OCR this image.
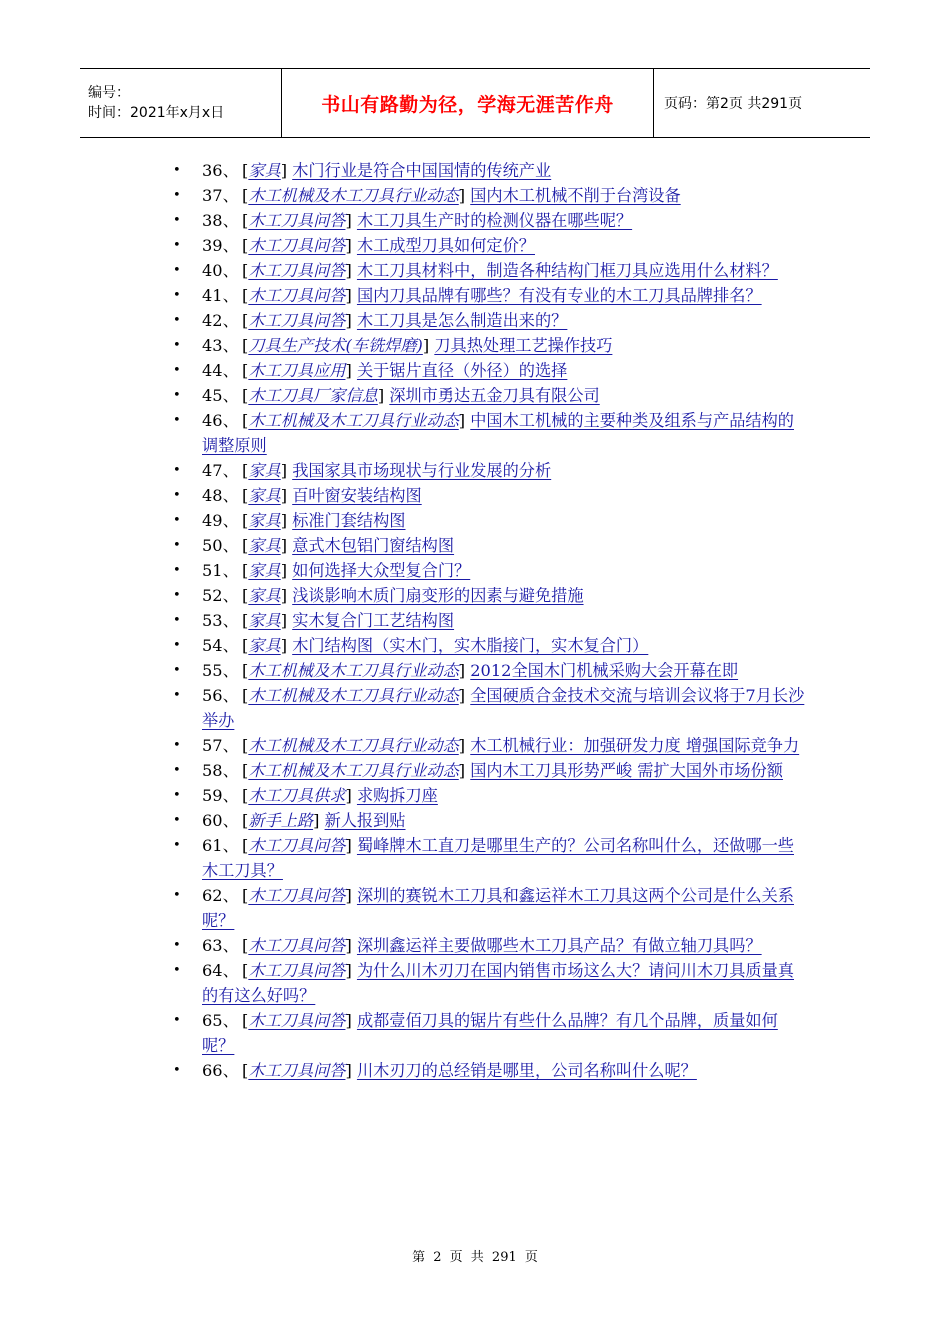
编号：
时间：2021年x月x日	书山有路勤为径，学海无涯苦作舟	页码：第2页 共291页
• 36、 [家具] 木门行业是符合中国国情的传统产业
• 37、 [木工机械及木工刀具行业动态] 国内木工机械不削于台湾设备
• 38、 [木工刀具问答] 木工刀具生产时的检测仪器在哪些呢？
• 39、 [木工刀具问答] 木工成型刀具如何定价？
• 40、 [木工刀具问答] 木工刀具材料中，制造各种结构门框刀具应选用什么材料？
• 41、 [木工刀具问答] 国内刀具品牌有哪些？有没有专业的木工刀具品牌排名？
• 42、 [木工刀具问答] 木工刀具是怎么制造出来的？
• 43、 [刀具生产技术(车铣焊磨)] 刀具热处理工艺操作技巧
• 44、 [木工刀具应用] 关于锯片直径（外径）的选择
• 45、 [木工刀具厂家信息] 深圳市勇达五金刀具有限公司
• 46、 [木工机械及木工刀具行业动态] 中国木工机械的主要种类及组系与产品结构的调整原则
• 47、 [家具] 我国家具市场现状与行业发展的分析
• 48、 [家具] 百叶窗安装结构图
• 49、 [家具] 标准门套结构图
• 50、 [家具] 意式木包铝门窗结构图
• 51、 [家具] 如何选择大众型复合门？
• 52、 [家具] 浅谈影响木质门扇变形的因素与避免措施
• 53、 [家具] 实木复合门工艺结构图
• 54、 [家具] 木门结构图（实木门，实木脂接门，实木复合门）
• 55、 [木工机械及木工刀具行业动态] 2012全国木门机械采购大会开幕在即
• 56、 [木工机械及木工刀具行业动态] 全国硬质合金技术交流与培训会议将于7月长沙举办
• 57、 [木工机械及木工刀具行业动态] 木工机械行业：加强研发力度 增强国际竞争力
• 58、 [木工机械及木工刀具行业动态] 国内木工刀具形势严峻 需扩大国外市场份额
• 59、 [木工刀具供求] 求购拆刀座
• 60、 [新手上路] 新人报到贴
• 61、 [木工刀具问答] 蜀峰牌木工直刀是哪里生产的？公司名称叫什么，还做哪一些木工刀具？
• 62、 [木工刀具问答] 深圳的赛锐木工刀具和鑫运祥木工刀具这两个公司是什么关系呢？
• 63、 [木工刀具问答] 深圳鑫运祥主要做哪些木工刀具产品？有做立轴刀具吗？
• 64、 [木工刀具问答] 为什么川木刃刀在国内销售市场这么大？请问川木刀具质量真的有这么好吗？
• 65、 [木工刀具问答] 成都壹佰刀具的锯片有些什么品牌？有几个品牌，质量如何呢？
• 66、 [木工刀具问答] 川木刃刀的总经销是哪里，公司名称叫什么呢？
第 2 页 共 291 页
